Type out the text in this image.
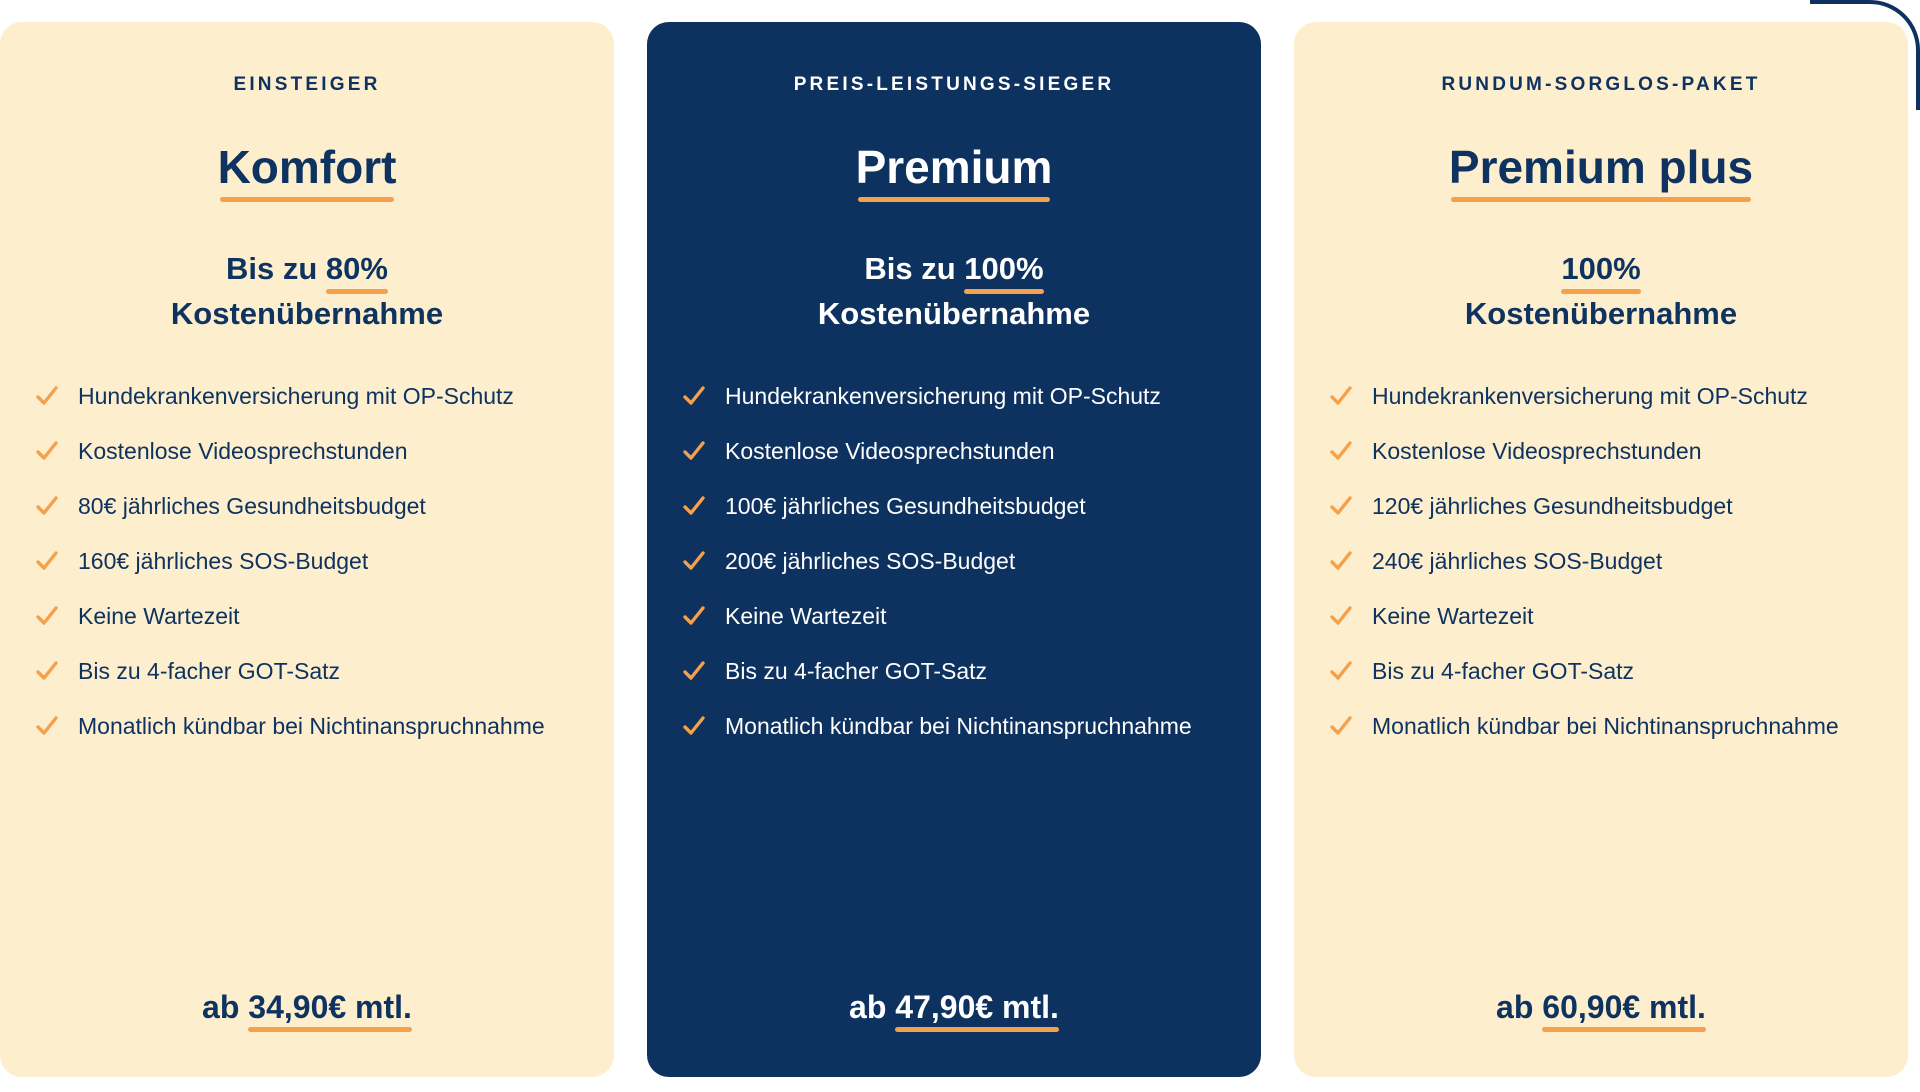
EINSTEIGER
Komfort
Bis zu 80%
Kostenübernahme
Hundekrankenversicherung mit OP-Schutz
Kostenlose Videosprechstunden
80€ jährliches Gesundheitsbudget
160€ jährliches SOS-Budget
Keine Wartezeit
Bis zu 4-facher GOT-Satz
Monatlich kündbar bei Nichtinanspruchnahme
ab 34,90€ mtl.
PREIS-LEISTUNGS-SIEGER
Premium
Bis zu 100%
Kostenübernahme
Hundekrankenversicherung mit OP-Schutz
Kostenlose Videosprechstunden
100€ jährliches Gesundheitsbudget
200€ jährliches SOS-Budget
Keine Wartezeit
Bis zu 4-facher GOT-Satz
Monatlich kündbar bei Nichtinanspruchnahme
ab 47,90€ mtl.
RUNDUM-SORGLOS-PAKET
Premium plus
100%
Kostenübernahme
Hundekrankenversicherung mit OP-Schutz
Kostenlose Videosprechstunden
120€ jährliches Gesundheitsbudget
240€ jährliches SOS-Budget
Keine Wartezeit
Bis zu 4-facher GOT-Satz
Monatlich kündbar bei Nichtinanspruchnahme
ab 60,90€ mtl.
